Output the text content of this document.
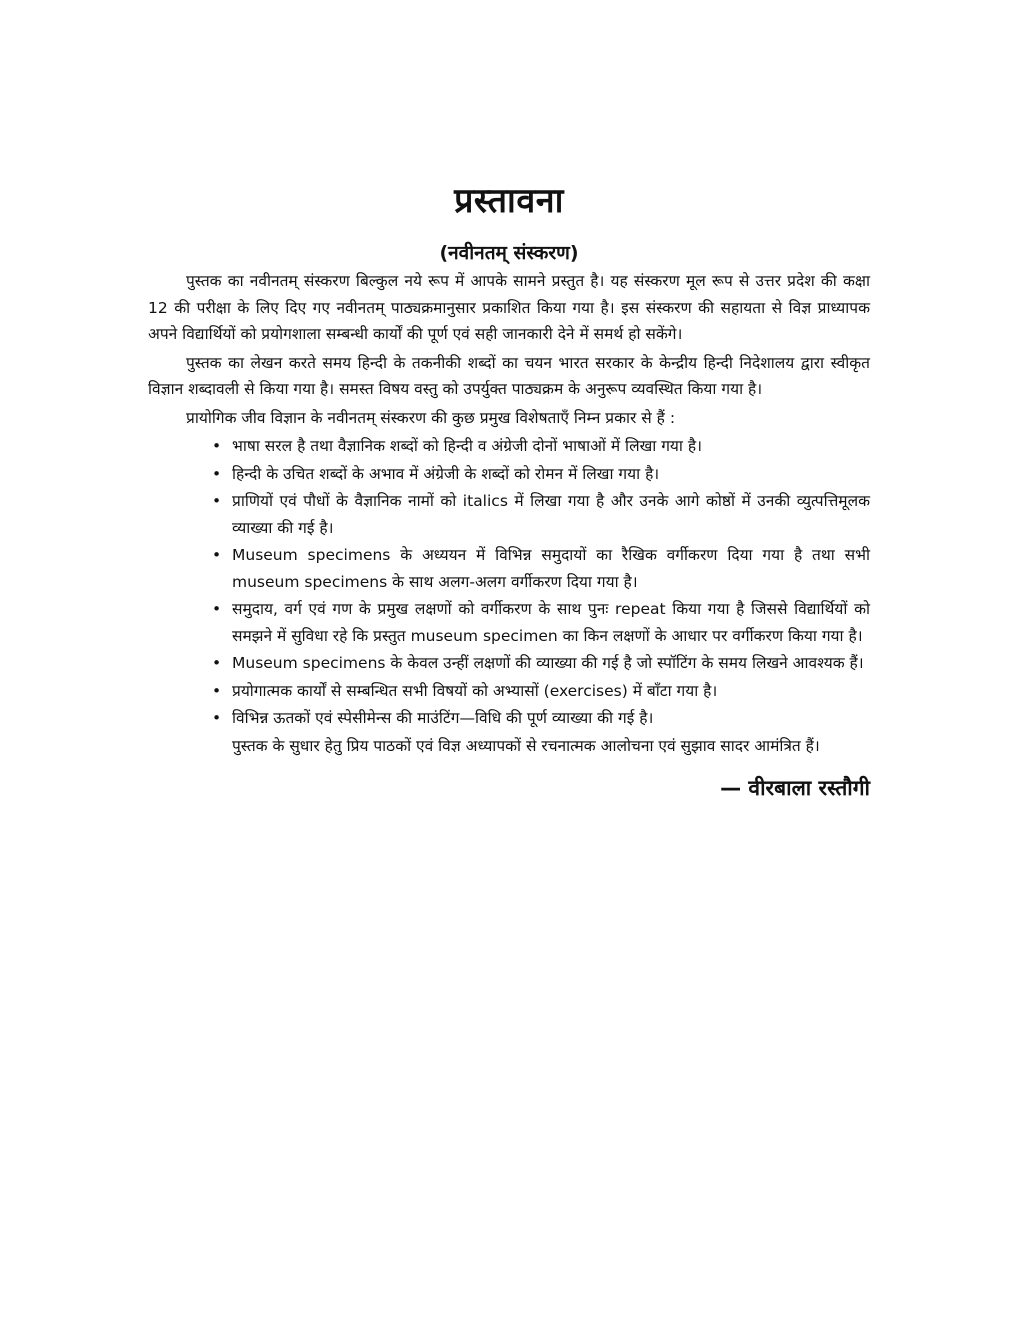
प्रस्तावना
(नवीनतम् संस्करण)

पुस्तक का नवीनतम् संस्करण बिल्कुल नये रूप में आपके सामने प्रस्तुत है। यह संस्करण मूल रूप से उत्तर प्रदेश की कक्षा 12 की परीक्षा के लिए दिए गए नवीनतम् पाठ्यक्रमानुसार प्रकाशित किया गया है। इस संस्करण की सहायता से विज्ञ प्राध्यापक अपने विद्यार्थियों को प्रयोगशाला सम्बन्धी कार्यों की पूर्ण एवं सही जानकारी देने में समर्थ हो सकेंगे।

पुस्तक का लेखन करते समय हिन्दी के तकनीकी शब्दों का चयन भारत सरकार के केन्द्रीय हिन्दी निदेशालय द्वारा स्वीकृत विज्ञान शब्दावली से किया गया है। समस्त विषय वस्तु को उपर्युक्त पाठ्यक्रम के अनुरूप व्यवस्थित किया गया है।

प्रायोगिक जीव विज्ञान के नवीनतम् संस्करण की कुछ प्रमुख विशेषताएँ निम्न प्रकार से हैं :

• भाषा सरल है तथा वैज्ञानिक शब्दों को हिन्दी व अंग्रेजी दोनों भाषाओं में लिखा गया है।
• हिन्दी के उचित शब्दों के अभाव में अंग्रेजी के शब्दों को रोमन में लिखा गया है।
• प्राणियों एवं पौधों के वैज्ञानिक नामों को italics में लिखा गया है और उनके आगे कोष्ठों में उनकी व्युत्पत्तिमूलक व्याख्या की गई है।
• Museum specimens के अध्ययन में विभिन्न समुदायों का रैखिक वर्गीकरण दिया गया है तथा सभी museum specimens के साथ अलग-अलग वर्गीकरण दिया गया है।
• समुदाय, वर्ग एवं गण के प्रमुख लक्षणों को वर्गीकरण के साथ पुनः repeat किया गया है जिससे विद्यार्थियों को समझने में सुविधा रहे कि प्रस्तुत museum specimen का किन लक्षणों के आधार पर वर्गीकरण किया गया है।
• Museum specimens के केवल उन्हीं लक्षणों की व्याख्या की गई है जो स्पॉटिंग के समय लिखने आवश्यक हैं।
• प्रयोगात्मक कार्यों से सम्बन्धित सभी विषयों को अभ्यासों (exercises) में बाँटा गया है।
• विभिन्न ऊतकों एवं स्पेसीमेन्स की माउंटिंग—विधि की पूर्ण व्याख्या की गई है।

पुस्तक के सुधार हेतु प्रिय पाठकों एवं विज्ञ अध्यापकों से रचनात्मक आलोचना एवं सुझाव सादर आमंत्रित हैं।

— वीरबाला रस्तौगी
